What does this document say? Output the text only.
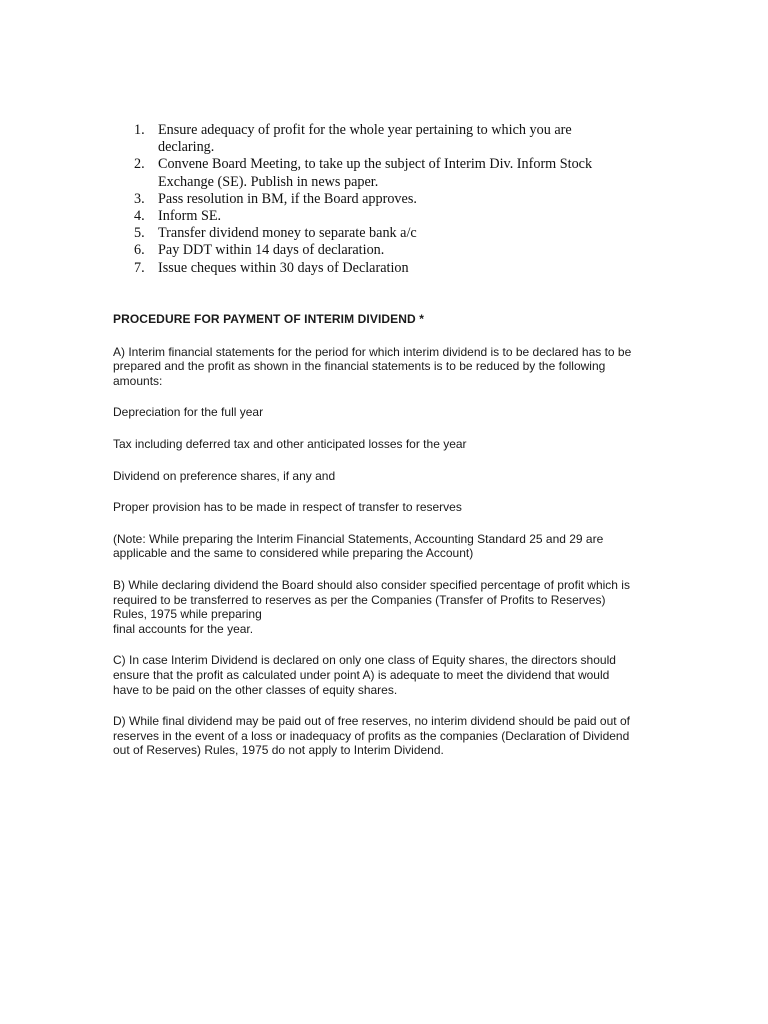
1. Ensure adequacy of profit for the whole year pertaining to which you are
declaring.
2. Convene Board Meeting, to take up the subject of Interim Div. Inform Stock
Exchange (SE). Publish in news paper.
3. Pass resolution in BM, if the Board approves.
4. Inform SE.
5. Transfer dividend money to separate bank a/c
6. Pay DDT within 14 days of declaration.
7. Issue cheques within 30 days of Declaration
PROCEDURE FOR PAYMENT OF INTERIM DIVIDEND *
A) Interim financial statements for the period for which interim dividend is to be declared has to be
prepared and the profit as shown in the financial statements is to be reduced by the following
amounts:
Depreciation for the full year
Tax including deferred tax and other anticipated losses for the year
Dividend on preference shares, if any and
Proper provision has to be made in respect of transfer to reserves
(Note: While preparing the Interim Financial Statements, Accounting Standard 25 and 29 are
applicable and the same to considered while preparing the Account)
B) While declaring dividend the Board should also consider specified percentage of profit which is
required to be transferred to reserves as per the Companies (Transfer of Profits to Reserves)
Rules, 1975 while preparing
final accounts for the year.
C) In case Interim Dividend is declared on only one class of Equity shares, the directors should
ensure that the profit as calculated under point A) is adequate to meet the dividend that would
have to be paid on the other classes of equity shares.
D) While final dividend may be paid out of free reserves, no interim dividend should be paid out of
reserves in the event of a loss or inadequacy of profits as the companies (Declaration of Dividend
out of Reserves) Rules, 1975 do not apply to Interim Dividend.
